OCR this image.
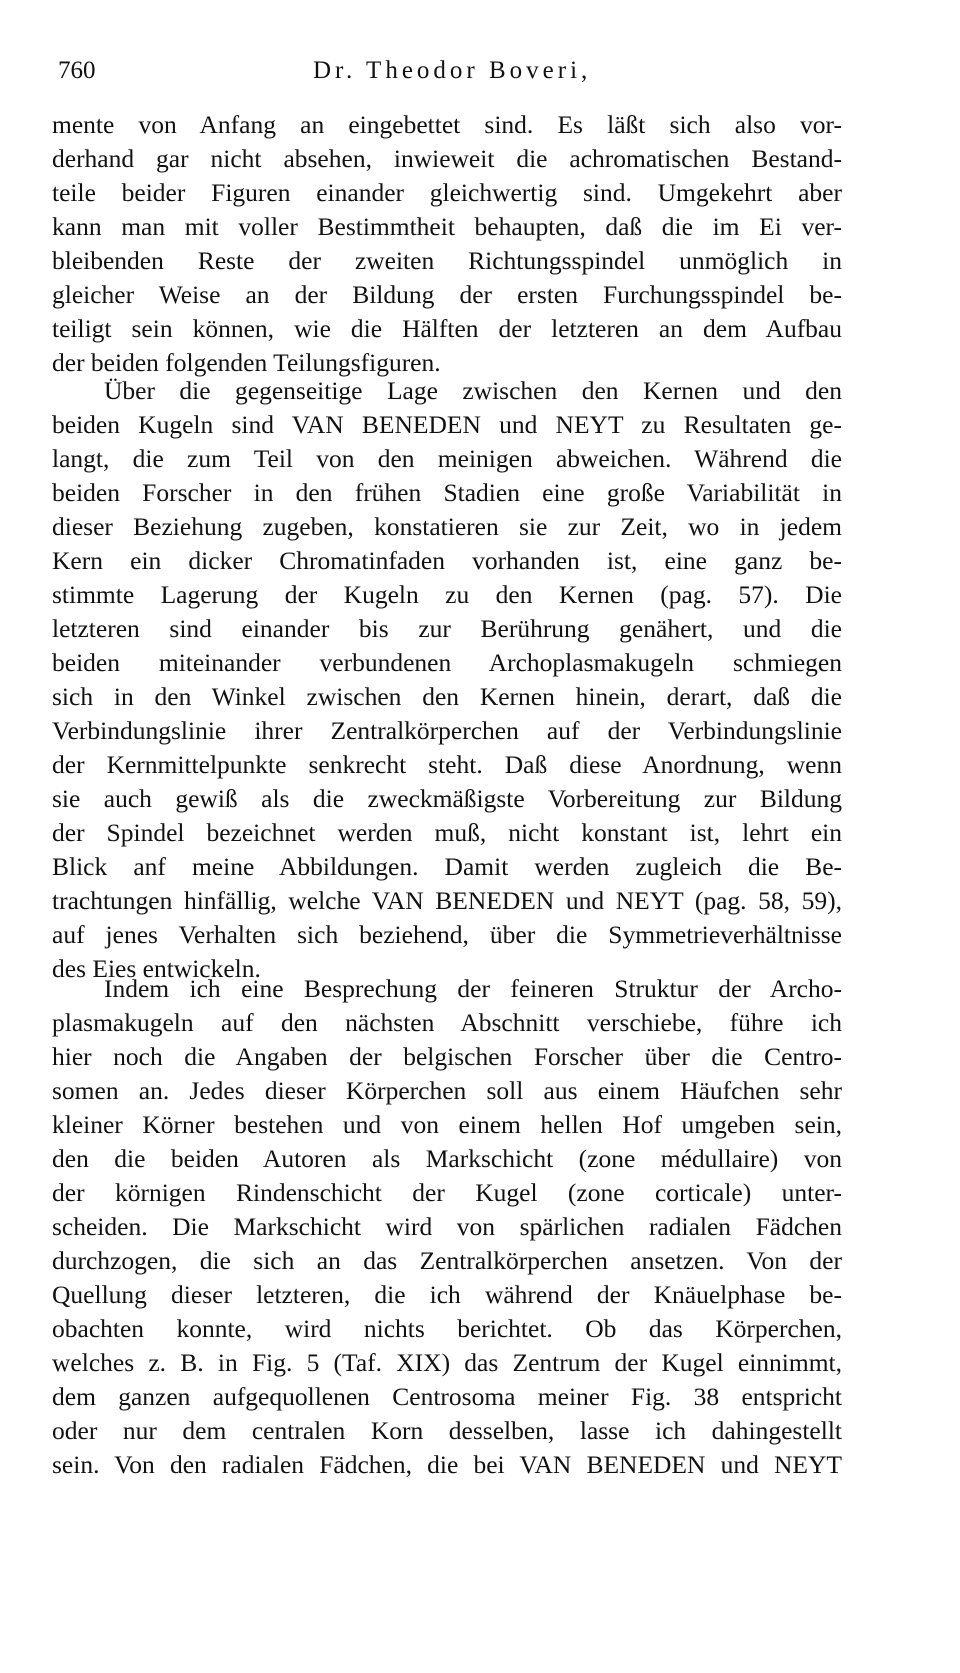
760	Dr. Theodor Boveri,
mente von Anfang an eingebettet sind. Es läßt sich also vor-
derhand gar nicht absehen, inwieweit die achromatischen Bestand-
teile beider Figuren einander gleichwertig sind. Umgekehrt aber
kann man mit voller Bestimmtheit behaupten, daß die im Ei ver-
bleibenden Reste der zweiten Richtungsspindel unmöglich in
gleicher Weise an der Bildung der ersten Furchungsspindel be-
teiligt sein können, wie die Hälften der letzteren an dem Aufbau
der beiden folgenden Teilungsfiguren.
Über die gegenseitige Lage zwischen den Kernen und den
beiden Kugeln sind VAN BENEDEN und NEYT zu Resultaten ge-
langt, die zum Teil von den meinigen abweichen. Während die
beiden Forscher in den frühen Stadien eine große Variabilität in
dieser Beziehung zugeben, konstatieren sie zur Zeit, wo in jedem
Kern ein dicker Chromatinfaden vorhanden ist, eine ganz be-
stimmte Lagerung der Kugeln zu den Kernen (pag. 57). Die
letzteren sind einander bis zur Berührung genähert, und die
beiden miteinander verbundenen Archoplasmakugeln schmiegen
sich in den Winkel zwischen den Kernen hinein, derart, daß die
Verbindungslinie ihrer Zentralkörperchen auf der Verbindungslinie
der Kernmittelpunkte senkrecht steht. Daß diese Anordnung, wenn
sie auch gewiß als die zweckmäßigste Vorbereitung zur Bildung
der Spindel bezeichnet werden muß, nicht konstant ist, lehrt ein
Blick anf meine Abbildungen. Damit werden zugleich die Be-
trachtungen hinfällig, welche VAN BENEDEN und NEYT (pag. 58, 59),
auf jenes Verhalten sich beziehend, über die Symmetrieverhältnisse
des Eies entwickeln.
Indem ich eine Besprechung der feineren Struktur der Archo-
plasmakugeln auf den nächsten Abschnitt verschiebe, führe ich
hier noch die Angaben der belgischen Forscher über die Centro-
somen an. Jedes dieser Körperchen soll aus einem Häufchen sehr
kleiner Körner bestehen und von einem hellen Hof umgeben sein,
den die beiden Autoren als Markschicht (zone médullaire) von
der körnigen Rindenschicht der Kugel (zone corticale) unter-
scheiden. Die Markschicht wird von spärlichen radialen Fädchen
durchzogen, die sich an das Zentralkörperchen ansetzen. Von der
Quellung dieser letzteren, die ich während der Knäuelphase be-
obachten konnte, wird nichts berichtet. Ob das Körperchen,
welches z. B. in Fig. 5 (Taf. XIX) das Zentrum der Kugel einnimmt,
dem ganzen aufgequollenen Centrosoma meiner Fig. 38 entspricht
oder nur dem centralen Korn desselben, lasse ich dahingestellt
sein. Von den radialen Fädchen, die bei VAN BENEDEN und NEYT
